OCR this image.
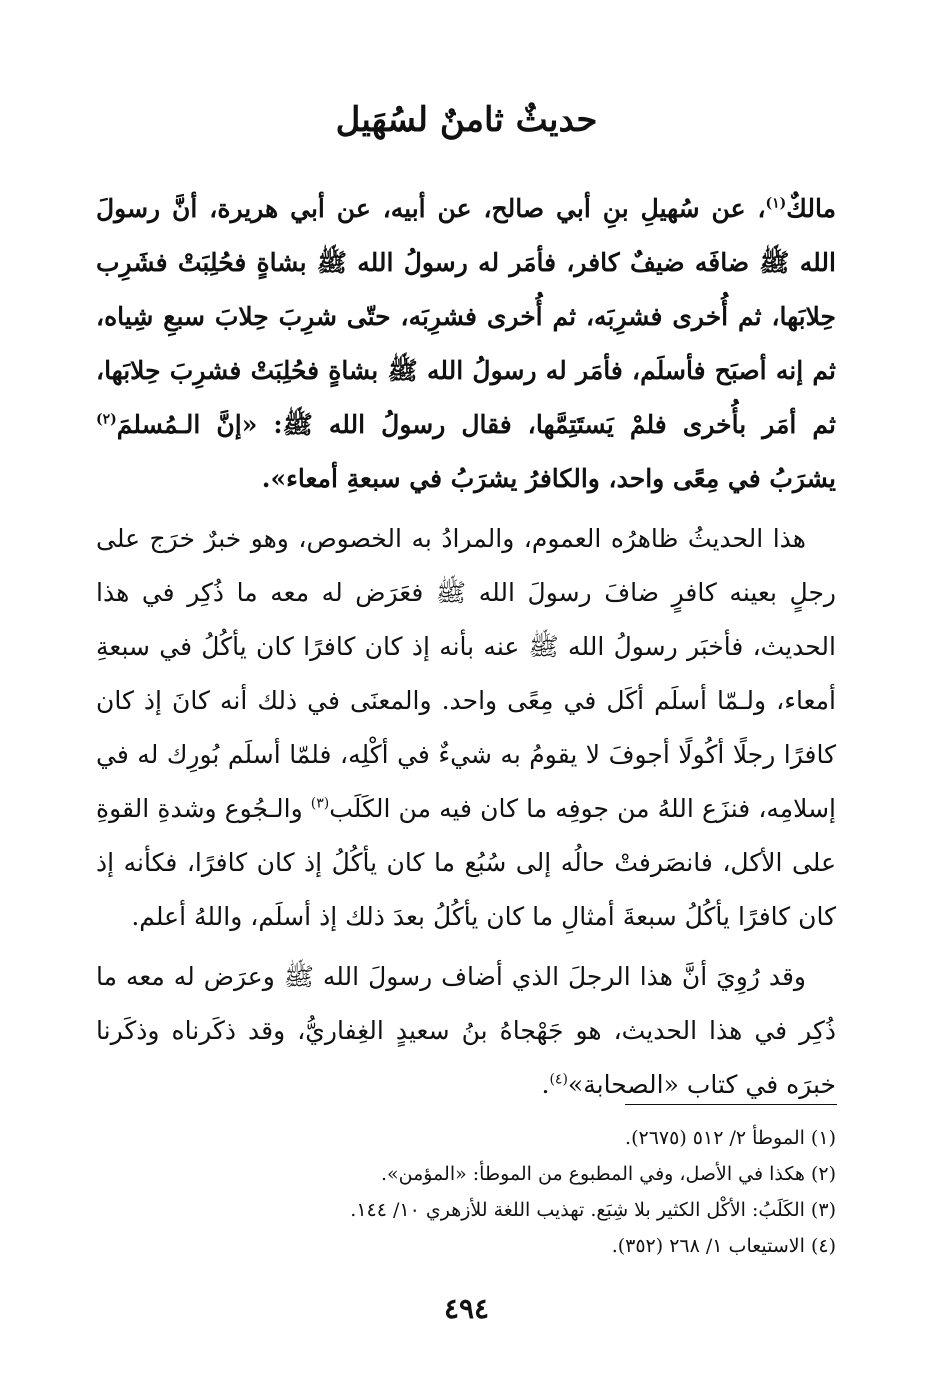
حديثٌ ثامنٌ لسُهَيل

مالكٌ$^{(١)}$، عن سُهيلِ بنِ أبي صالح، عن أبيه، عن أبي هريرة، أنَّ رسولَ الله ﷺ ضافَه ضيفٌ كافر، فأمَر له رسولُ الله ﷺ بشاةٍ فحُلِبَتْ فشَرِب حِلابَها، ثم أُخرى فشرِبَه، ثم أُخرى فشرِبَه، حتّى شرِبَ حِلابَ سبعِ شِياه، ثم إنه أصبَح فأسلَم، فأمَر له رسولُ الله ﷺ بشاةٍ فحُلِبَتْ فشرِبَ حِلابَها، ثم أمَر بأُخرى فلمْ يَستَتِمَّها، فقال رسولُ الله ﷺ: «إنَّ الـمُسلمَ$^{(٢)}$ يشرَبُ في مِعًى واحد، والكافرُ يشرَبُ في سبعةِ أمعاء».

هذا الحديثُ ظاهرُه العموم، والمرادُ به الخصوص، وهو خبرٌ خرَج على رجلٍ بعينه كافرٍ ضافَ رسولَ الله ﷺ فعَرَض له معه ما ذُكِر في هذا الحديث، فأخبَر رسولُ الله ﷺ عنه بأنه إذ كان كافرًا كان يأكُلُ في سبعةِ أمعاء، ولـمّا أسلَم أكَل في مِعًى واحد. والمعنَى في ذلك أنه كانَ إذ كان كافرًا رجلًا أكُولًا أجوفَ لا يقومُ به شيءٌ في أكْلِه، فلمّا أسلَم بُورِك له في إسلامِه، فنزَع اللهُ من جوفِه ما كان فيه من الكَلَب$^{(٣)}$ والـجُوع وشدةِ القوةِ على الأكل، فانصَرفتْ حالُه إلى سُبُع ما كان يأكُلُ إذ كان كافرًا، فكأنه إذ كان كافرًا يأكُلُ سبعةَ أمثالِ ما كان يأكُلُ بعدَ ذلك إذ أسلَم، واللهُ أعلم.

وقد رُوِيَ أنَّ هذا الرجلَ الذي أضاف رسولَ الله ﷺ وعرَض له معه ما ذُكِر في هذا الحديث، هو جَهْجاهُ بنُ سعيدٍ الغِفاريُّ، وقد ذكَرناه وذكَرنا خبرَه في كتاب «الصحابة»$^{(٤)}$.

(١) الموطأ ٢/ ٥١٢ (٢٦٧٥).

(٢) هكذا في الأصل، وفي المطبوع من الموطأ: «المؤمن».

(٣) الكَلَبُ: الأكْل الكثير بلا شِبَع. تهذيب اللغة للأزهري ١٠/ ١٤٤.

(٤) الاستيعاب ١/ ٢٦٨ (٣٥٢).

٤٩٤
